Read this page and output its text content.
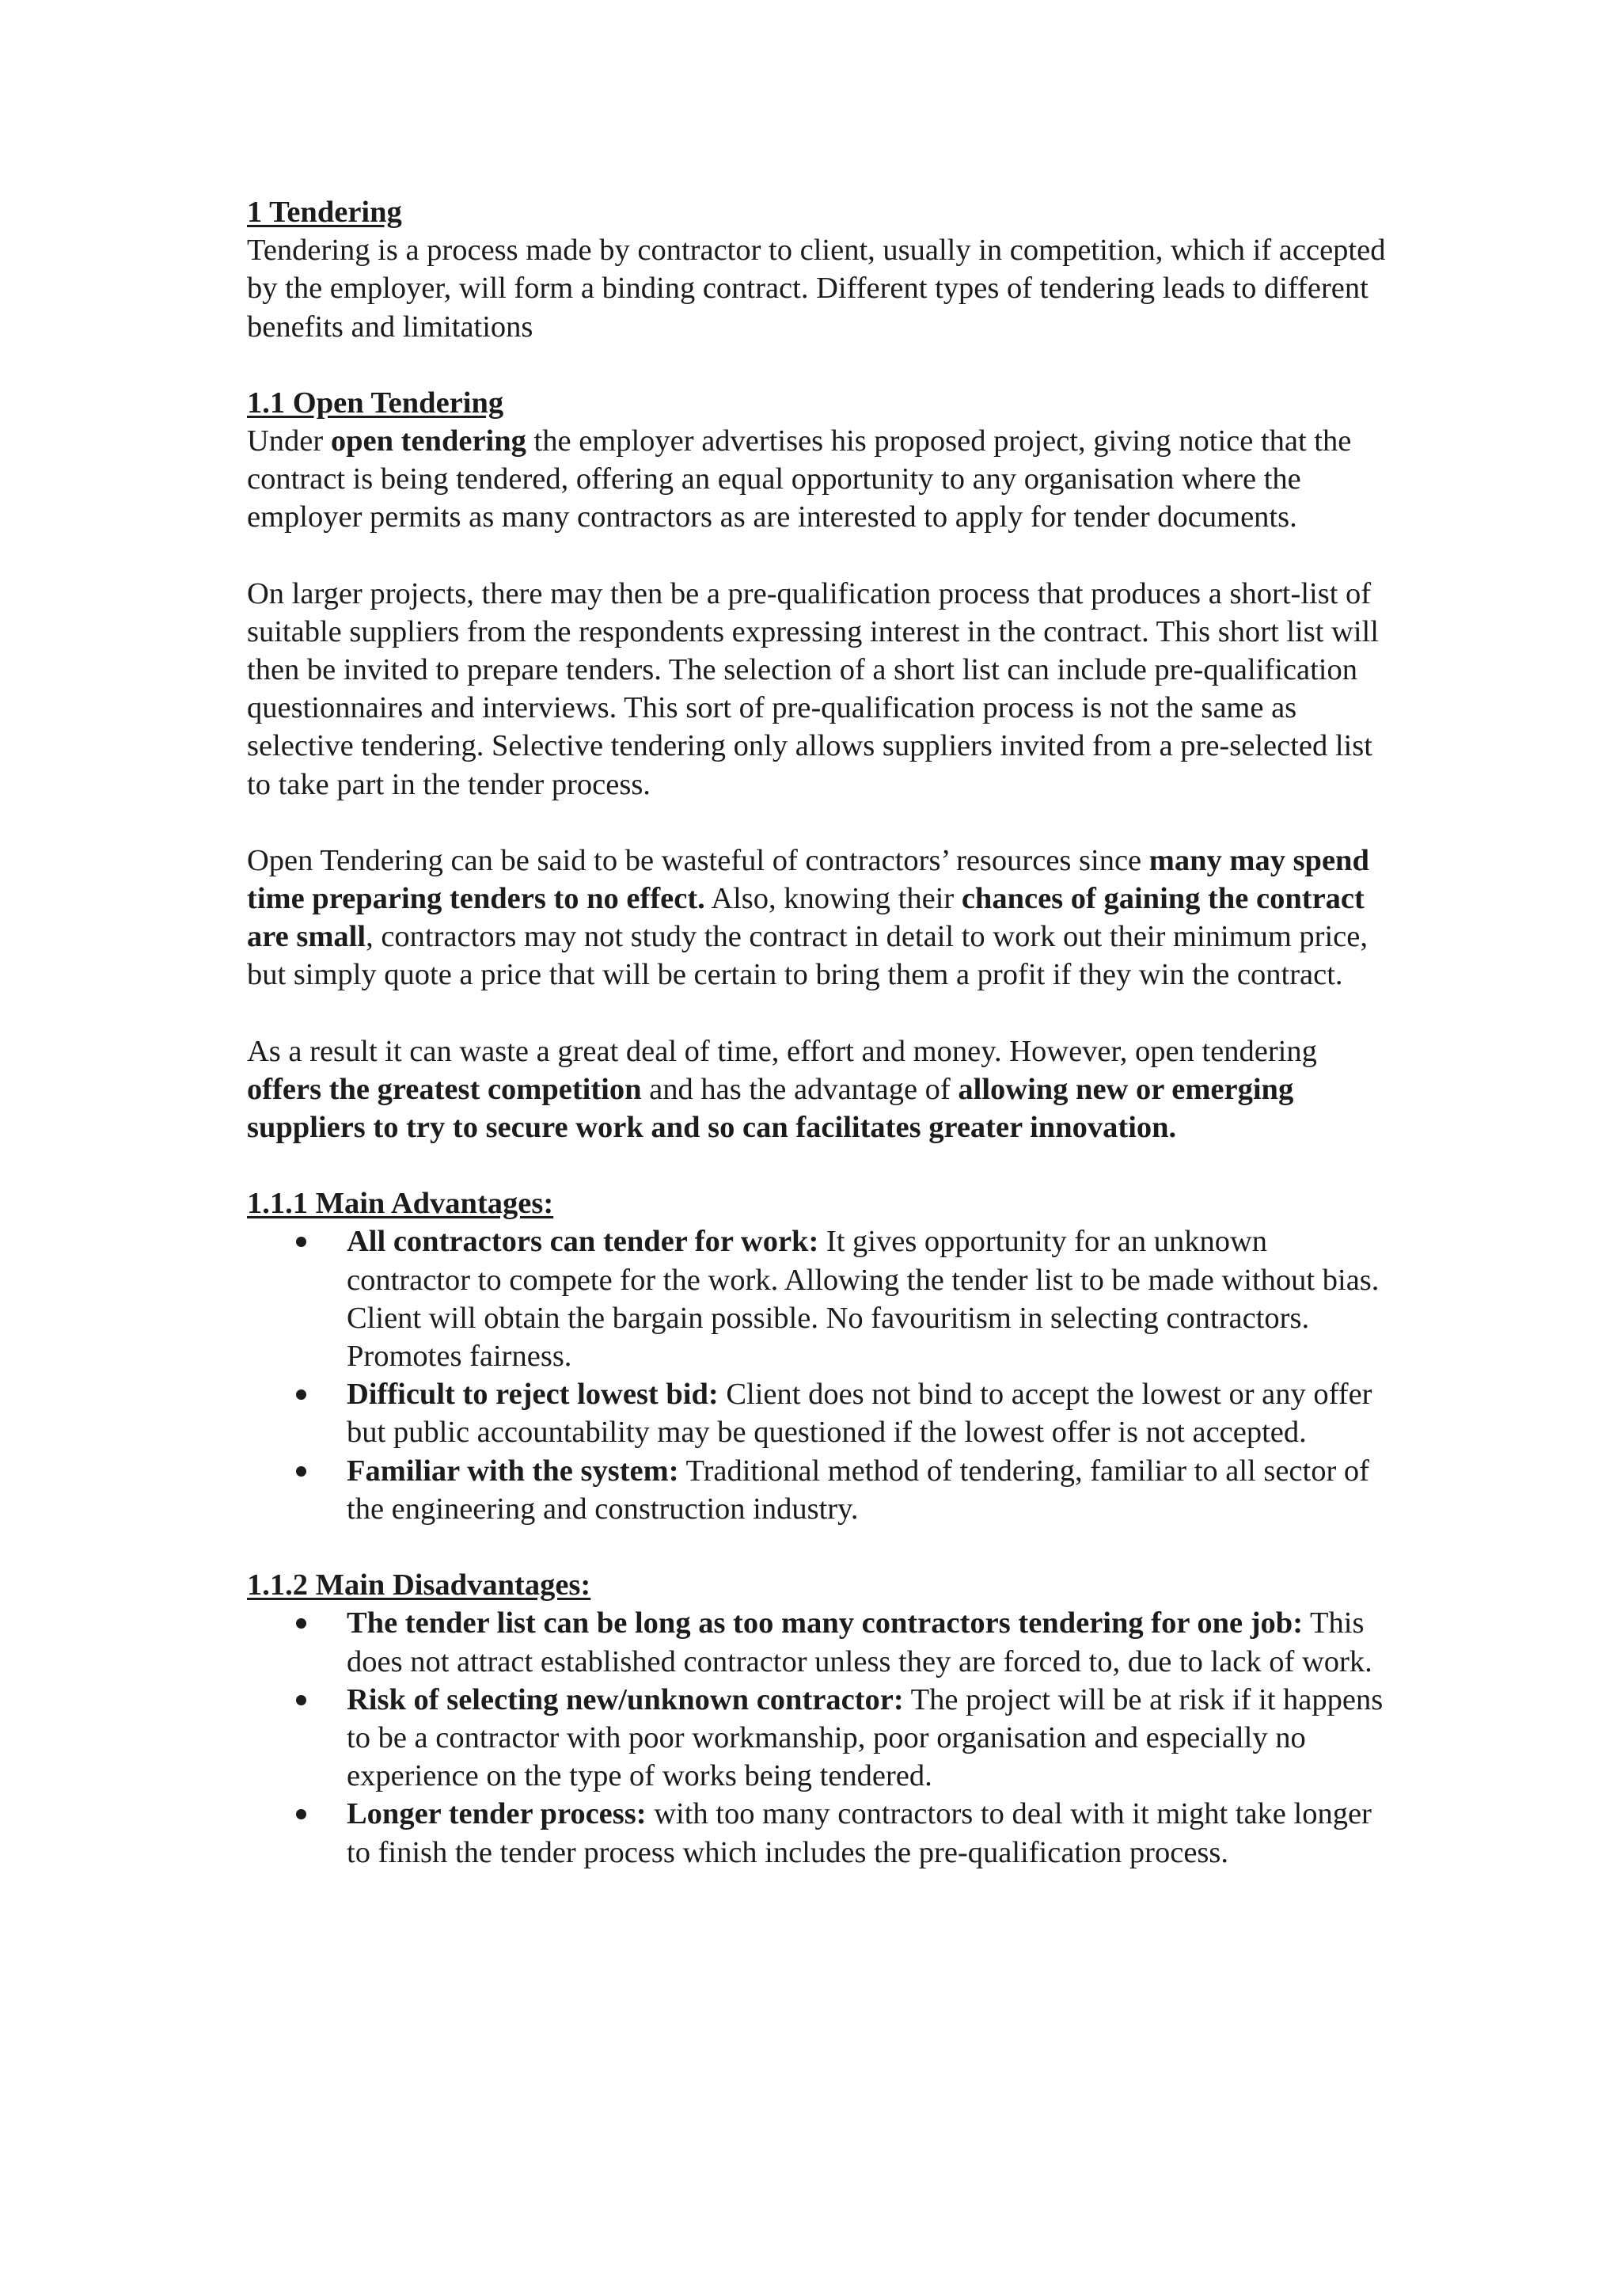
1 Tendering

Tendering is a process made by contractor to client, usually in competition, which if accepted by the employer, will form a binding contract. Different types of tendering leads to different benefits and limitations

1.1 Open Tendering

Under open tendering the employer advertises his proposed project, giving notice that the contract is being tendered, offering an equal opportunity to any organisation where the employer permits as many contractors as are interested to apply for tender documents.

On larger projects, there may then be a pre-qualification process that produces a short-list of suitable suppliers from the respondents expressing interest in the contract. This short list will then be invited to prepare tenders. The selection of a short list can include pre-qualification questionnaires and interviews. This sort of pre-qualification process is not the same as selective tendering. Selective tendering only allows suppliers invited from a pre-selected list to take part in the tender process.

Open Tendering can be said to be wasteful of contractors’ resources since many may spend time preparing tenders to no effect. Also, knowing their chances of gaining the contract are small, contractors may not study the contract in detail to work out their minimum price, but simply quote a price that will be certain to bring them a profit if they win the contract.

As a result it can waste a great deal of time, effort and money. However, open tendering offers the greatest competition and has the advantage of allowing new or emerging suppliers to try to secure work and so can facilitates greater innovation.

1.1.1 Main Advantages:
All contractors can tender for work: It gives opportunity for an unknown contractor to compete for the work. Allowing the tender list to be made without bias. Client will obtain the bargain possible. No favouritism in selecting contractors. Promotes fairness.
Difficult to reject lowest bid: Client does not bind to accept the lowest or any offer but public accountability may be questioned if the lowest offer is not accepted.
Familiar with the system: Traditional method of tendering, familiar to all sector of the engineering and construction industry.
1.1.2 Main Disadvantages:
The tender list can be long as too many contractors tendering for one job: This does not attract established contractor unless they are forced to, due to lack of work.
Risk of selecting new/unknown contractor: The project will be at risk if it happens to be a contractor with poor workmanship, poor organisation and especially no experience on the type of works being tendered.
Longer tender process: with too many contractors to deal with it might take longer to finish the tender process which includes the pre-qualification process.
